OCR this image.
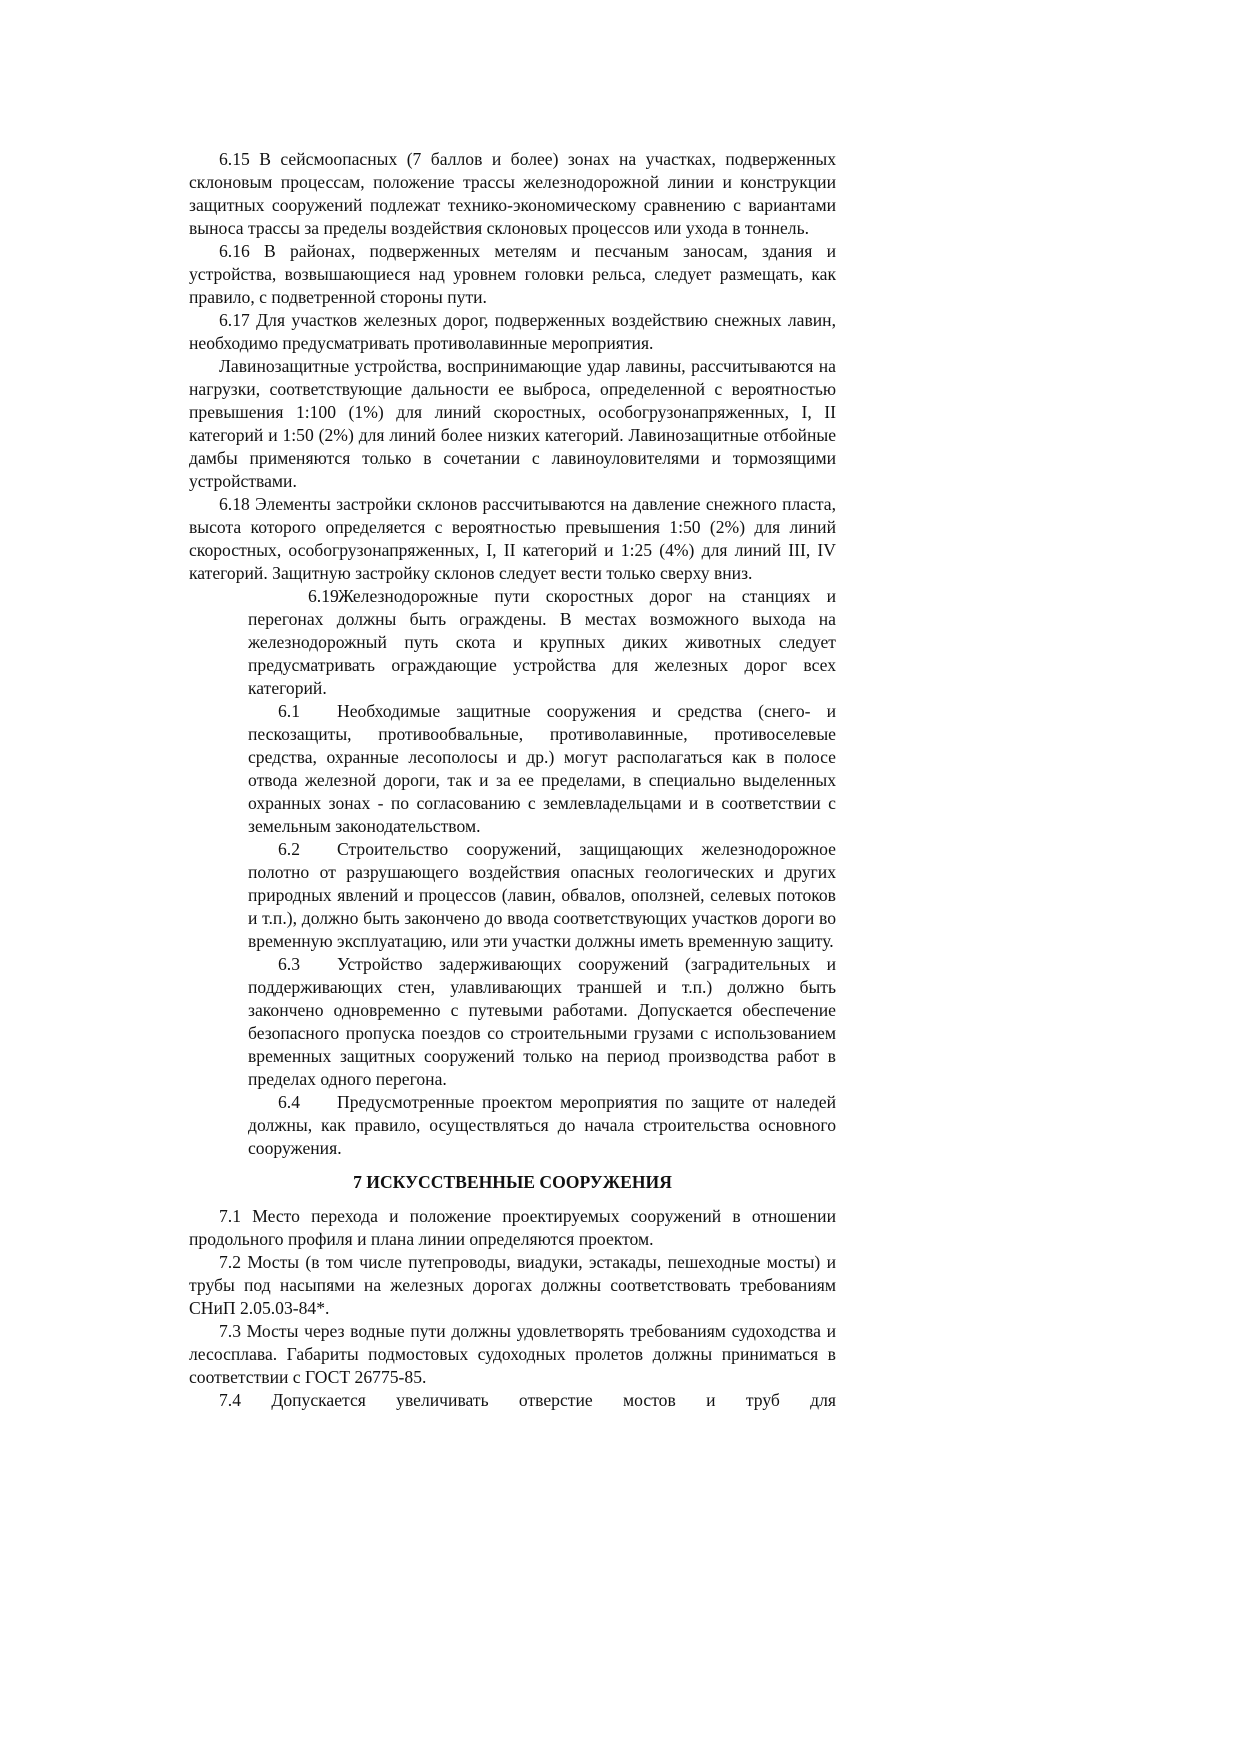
6.15 В сейсмоопасных (7 баллов и более) зонах на участках, подверженных склоновым процессам, положение трассы железнодорожной линии и конструкции защитных сооружений подлежат технико-экономическому сравнению с вариантами выноса трассы за пределы воздействия склоновых процессов или ухода в тоннель.

6.16 В районах, подверженных метелям и песчаным заносам, здания и устройства, возвышающиеся над уровнем головки рельса, следует размещать, как правило, с подветренной стороны пути.

6.17 Для участков железных дорог, подверженных воздействию снежных лавин, необходимо предусматривать противолавинные мероприятия.

Лавинозащитные устройства, воспринимающие удар лавины, рассчитываются на нагрузки, соответствующие дальности ее выброса, определенной с вероятностью превышения 1:100 (1%) для линий скоростных, особогрузонапряженных, I, II категорий и 1:50 (2%) для линий более низких категорий. Лавинозащитные отбойные дамбы применяются только в сочетании с лавиноуловителями и тормозящими устройствами.

6.18 Элементы застройки склонов рассчитываются на давление снежного пласта, высота которого определяется с вероятностью превышения 1:50 (2%) для линий скоростных, особогрузонапряженных, I, II категорий и 1:25 (4%) для линий III, IV категорий. Защитную застройку склонов следует вести только сверху вниз.

6.19Железнодорожные пути скоростных дорог на станциях и перегонах должны быть ограждены. В местах возможного выхода на железнодорожный путь скота и крупных диких животных следует предусматривать ограждающие устройства для железных дорог всех категорий.

6.1 Необходимые защитные сооружения и средства (снего- и пескозащиты, противообвальные, противолавинные, противоселевые средства, охранные лесополосы и др.) могут располагаться как в полосе отвода железной дороги, так и за ее пределами, в специально выделенных охранных зонах - по согласованию с землевладельцами и в соответствии с земельным законодательством.

6.2 Строительство сооружений, защищающих железнодорожное полотно от разрушающего воздействия опасных геологических и других природных явлений и процессов (лавин, обвалов, оползней, селевых потоков и т.п.), должно быть закончено до ввода соответствующих участков дороги во временную эксплуатацию, или эти участки должны иметь временную защиту.

6.3 Устройство задерживающих сооружений (заградительных и поддерживающих стен, улавливающих траншей и т.п.) должно быть закончено одновременно с путевыми работами. Допускается обеспечение безопасного пропуска поездов со строительными грузами с использованием временных защитных сооружений только на период производства работ в пределах одного перегона.

6.4 Предусмотренные проектом мероприятия по защите от наледей должны, как правило, осуществляться до начала строительства основного сооружения.

7 ИСКУССТВЕННЫЕ СООРУЖЕНИЯ

7.1 Место перехода и положение проектируемых сооружений в отношении продольного профиля и плана линии определяются проектом.

7.2 Мосты (в том числе путепроводы, виадуки, эстакады, пешеходные мосты) и трубы под насыпями на железных дорогах должны соответствовать требованиям СНиП 2.05.03-84*.

7.3 Мосты через водные пути должны удовлетворять требованиям судоходства и лесосплава. Габариты подмостовых судоходных пролетов должны приниматься в соответствии с ГОСТ 26775-85.

7.4 Допускается увеличивать отверстие мостов и труб для
